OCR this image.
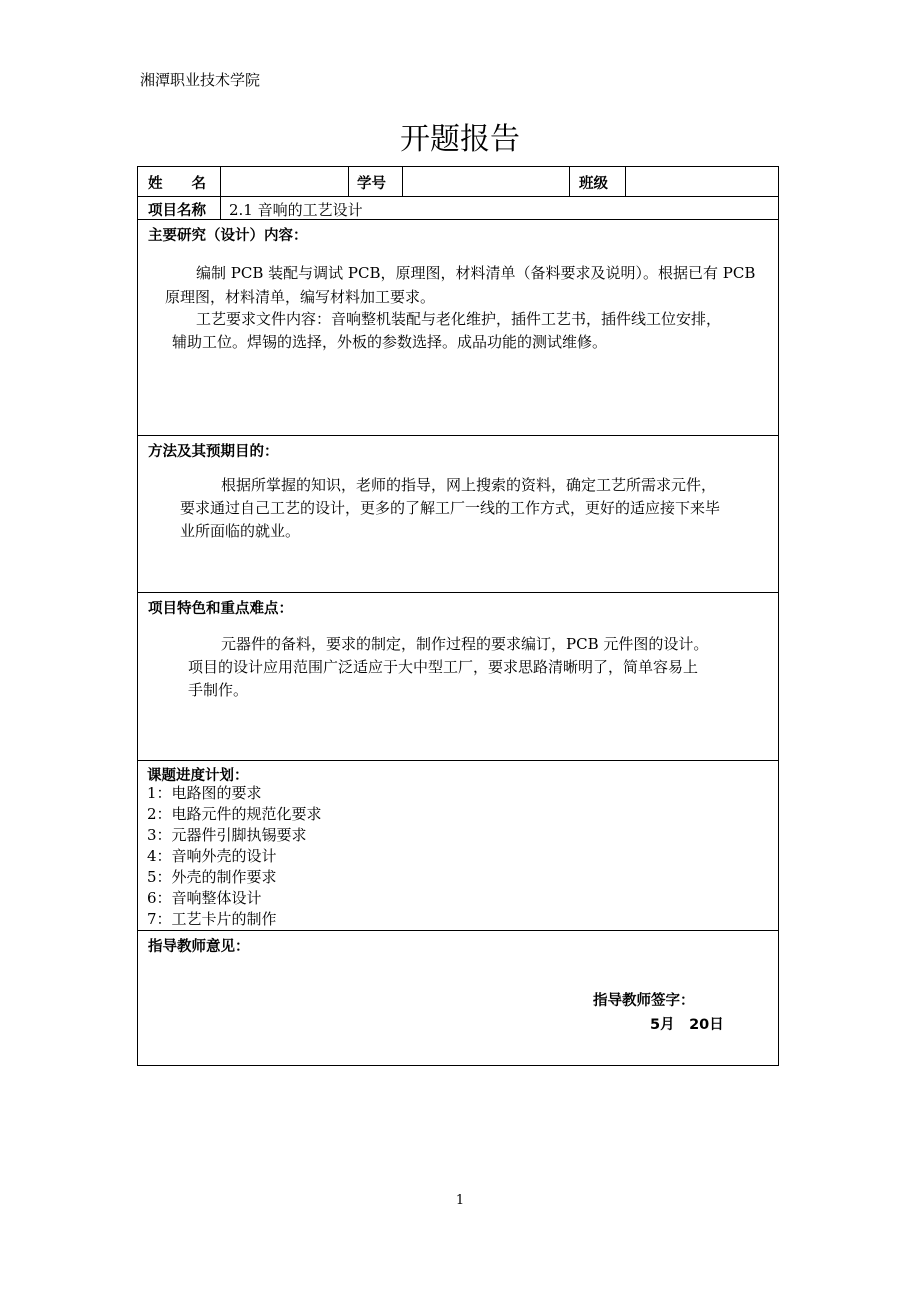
湘潭职业技术学院
开题报告
姓　　名	学号	班级
项目名称 2.1 音响的工艺设计
主要研究（设计）内容：
编制 PCB 装配与调试 PCB，原理图，材料清单（备料要求及说明）。根据已有 PCB
原理图，材料清单，编写材料加工要求。
工艺要求文件内容：音响整机装配与老化维护，插件工艺书，插件线工位安排，
辅助工位。焊锡的选择，外板的参数选择。成品功能的测试维修。
方法及其预期目的：
根据所掌握的知识，老师的指导，网上搜索的资料，确定工艺所需求元件，
要求通过自己工艺的设计，更多的了解工厂一线的工作方式，更好的适应接下来毕
业所面临的就业。
项目特色和重点难点：
元器件的备料，要求的制定，制作过程的要求编订，PCB 元件图的设计。
项目的设计应用范围广泛适应于大中型工厂，要求思路清晰明了，简单容易上
手制作。
课题进度计划：
1：电路图的要求
2：电路元件的规范化要求
3：元器件引脚执锡要求
4：音响外壳的设计
5：外壳的制作要求
6：音响整体设计
7：工艺卡片的制作
指导教师意见：
指导教师签字：
5月　20日
1
